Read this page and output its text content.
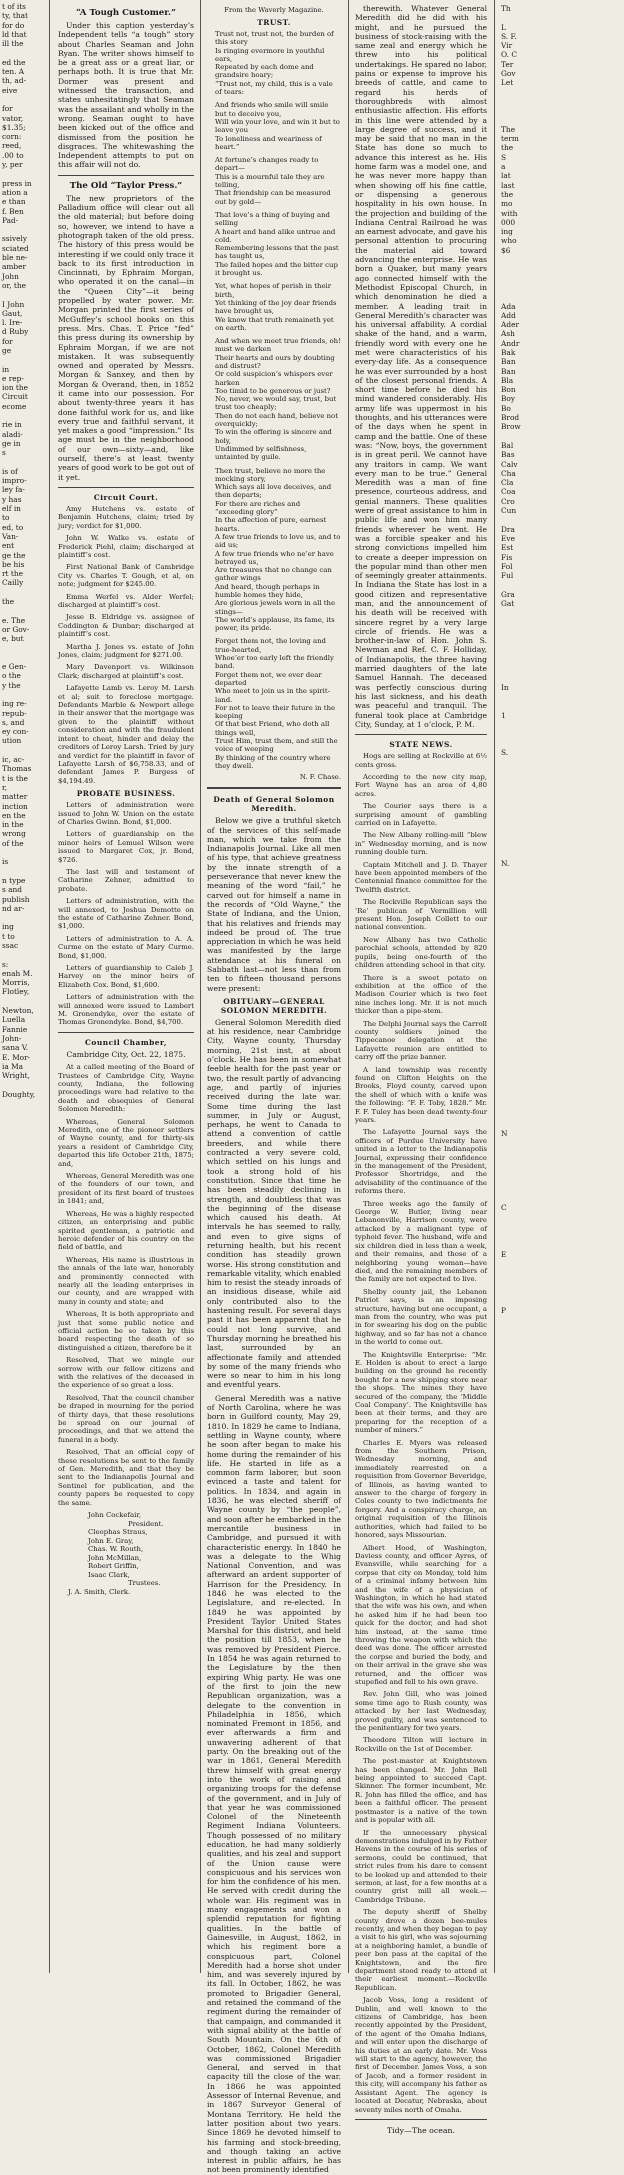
t of its
ty, that
for do
ld that
ill the

ed the
ten. A
th, ad-
eive

for
vator,
$1.35;
corn:
reed,
.00 to
y, per

press in
ation a
e than
f. Ben
Pad-

ssively
sciated
ble ne-
amber
John
or, the

I John
Gaut,
l. Ire-
d Ruby
for
ge

in
e rep-
ion the
Circuit
ecome

rie in
aladi-
ge in
s

is of
impro-
ley fa-
y has
elf in
to
ed, to
Van-
ent
ge the
be his
rt the
Cailly

the

e. The
or Gov-
e, but

e Gen-
o the
y the

ing re-
repub-
s, and
ey con-
ution

ic, ac-
Thomas
t is the
r,
matter
inction
en the
in the
wrong
of the

is

n type
s and
publish
nd ar-

ing
t to
ssac

s:
enah M.
Morris,
Flotley,

Newton,
Luella
Fannie
John-
sana V.
E. Mor-
ia Ma
Wright,

Doughty,
“A Tough Customer.”

Under this caption yesterday’s Independent tells “a tough” story about Charles Seaman and John Ryan. The writer shows himself to be a great ass or a great liar, or perhaps both. It is true that Mr. Dormer was present and witnessed the transaction, and states unhesitatingly that Seaman was the assailant and wholly in the wrong. Seaman ought to have been kicked out of the office and dismissed from the position he disgraces. The whitewashing the Independent attempts to put on this affair will not do.

The Old “Taylor Press.”

The new proprietors of the Palladium office will clear out all the old material; but before doing so, however, we intend to have a photograph taken of the old press. The history of this press would be interesting if we could only trace it back to its first introduction in Cincinnati, by Ephraim Morgan, who operated it on the canal—in the “Queen City”—it being propelled by water power. Mr. Morgan printed the first series of McGuffey’s school books on this press. Mrs. Chas. T. Price “fed” this press during its ownership by Ephraim Morgan, if we are not mistaken. It was subsequently owned and operated by Messrs. Morgan & Sanxey, and then by Morgan & Overand, then, in 1852 it came into our possession. For about twenty-three years it has done faithful work for us, and like every true and faithful servant, it yet makes a good “impression.” Its age must be in the neighborhood of our own—sixty—and, like ourself, there’s at least twenty years of good work to be got out of it yet.

Circuit Court.

Amy Hutchens vs. estate of Benjamin Hutchens, claim; tried by jury; verdict for $1,000.

John W. Walke vs. estate of Frederick Piehl, claim; discharged at plaintiff’s cost.

First National Bank of Cambridge City vs. Charles T. Gough, et al, on note; judgment for $245.00.

Emma Werfel vs. Alder Werfel; discharged at plaintiff’s cost.

Jesse B. Eldridge vs. assignee of Coddington & Dunbar; discharged at plaintiff’s cost.

Martha J. Jones vs. estate of John Jones, claim; judgment for $271.00.

Mary Davenport vs. Wilkinson Clark; discharged at plaintiff’s cost.

Lafayette Lamb vs. Leroy M. Larsh et al; suit to foreclose mortgage. Defendants Marble & Newport allege in their answer that the mortgage was given to the plaintiff without consideration and with the fraudulent intent to cheat, hinder and delay the creditors of Leroy Larsh. Tried by jury and verdict for the plaintiff in favor of Lafayette Larsh of $6,758.33, and of defendant James P. Burgess of $4,194.49.

PROBATE BUSINESS.

Letters of administration were issued to John W. Union on the estate of Charles Gwinn. Bond, $1,000.

Letters of guardianship on the minor heirs of Lemuel Wilson were issued to Margaret Cox, jr. Bond, $726.

The last will and testament of Catharine Zehner, admitted to probate.

Letters of administration, with the will annexed, to Joshua Demotte on the estate of Catharine Zehner. Bond, $1,000.

Letters of administration to A. A. Curme on the estate of Mary Curme. Bond, $1,000.

Letters of guardianship to Caleb J. Harvey on the minor heirs of Elizabeth Cox. Bond, $1,600.

Letters of administration with the will annexed were issued to Lambert M. Gronendyke, over the estate of Thomas Gronendyke. Bond, $4,700.

Council Chamber,

Cambridge City, Oct. 22, 1875.

At a called meeting of the Board of Trustees of Cambridge City, Wayne county, Indiana, the following proceedings were had relative to the death and obsequies of General Solomon Meredith:

Whereas, General Solomon Meredith, one of the pioneer settlers of Wayne county, and for thirty-six years a resident of Cambridge City, departed this life October 21th, 1875; and,

Whereas, General Meredith was one of the founders of our town, and president of its first board of trustees in 1841; and,

Whereas, He was a highly respected citizen, an enterprising and public spirited gentleman, a patriotic and heroic defender of his country on the field of battle, and

Whereas, His name is illustrious in the annals of the late war, honorably and prominently connected with nearly all the leading enterprises in our county, and are wrapped with many in county and state; and

Whereas, It is both appropriate and just that some public notice and official action be so taken by this board respecting the death of so distinguished a citizen, therefore be it

Resolved, That we mingle our sorrow with our fellow citizens and with the relatives of the deceased in the experience of so great a loss.

Resolved, That the council chamber be draped in mourning for the period of thirty days, that these resolutions be spread on our journal of proceedings, and that we attend the funeral in a body.

Resolved, That an official copy of these resolutions be sent to the family of Gen. Meredith, and that they be sent to the Indianapolis Journal and Sentinel for publication, and the county papers be requested to copy the same.

John Cockefair,
President.
Cleophas Straus,
John E. Gray,
Chas. W. Routh,
John McMillan,
Robert Griffin,
Isaac Clark,
Trustees.
J. A. Smith, Clerk.
From the Waverly Magazine.
TRUST.
Trust not, trust not, the burden of this story
Is ringing evermore in youthful ears,
Repeated by each dome and grandsire hoary;
“Trust not, my child, this is a vale of tears:
And friends who smile will smile but to deceive you,
Will win your love, and win it but to leave you
To loneliness and weariness of heart.”
At fortune’s changes ready to depart—
This is a mournful tale they are telling,
That friendship can be measured out by gold—
That love’s a thing of buying and selling
A heart and hand alike untrue and cold.
Remembering lessons that the past has taught us,
The failed hopes and the bitter cup it brought us.
Yet, what hopes of perish in their birth,
Yet thinking of the joy dear friends have brought us,
We know that truth remaineth yet on earth.
And when we meet true friends, oh! must we darken
Their hearts and ours by doubting and distrust?
Or cold suspicion’s whispers ever harken
Too timid to be generous or just?
No, never, we would say, trust, but trust too cheaply;
Then do not each hand, believe not overquickly;
To win the offering is sincere and holy,
Undimmed by selfishness, untainted by guile.
Then trust, believe no more the mocking story,
Which says all love deceives, and then departs;
For there are riches and “exceeding glory”
In the affection of pure, earnest hearts.
A few true friends to love us, and to aid us;
A few true friends who ne’er have betrayed us,
Are treasures that no change can gather wings
And heard, though perhaps in humble homes they hide,
Are glorious jewels worn in all the stings—
The world’s applause, its fame, its power, its pride.
Forget them not, the loving and true-hearted,
Whoe’er too early left the friendly band.
Forget them not, we ever dear departed
Who meet to join us in the spirit-land.
For not to leave their future in the keeping
Of that best Friend, who doth all things well,
Trust Him, trust them, and still the voice of weeping
By thinking of the country where they dwell.
N. F. Chase.
Death of General Solomon Meredith.

Below we give a truthful sketch of the services of this self-made man, which we take from the Indianapolis Journal. Like all men of his type, that achieve greatness by the innate strength of a perseverance that never knew the meaning of the word “fail,” he carved out for himself a name in the records of “Old Wayne,” the State of Indiana, and the Union, that his relatives and friends may indeed be proud of. The true appreciation in which he was held was manifested by the large attendance at his funeral on Sabbath last—not less than from ten to fifteen thousand persons were present:

OBITUARY—GENERAL SOLOMON MEREDITH.

General Solomon Meredith died at his residence, near Cambridge City, Wayne county, Thursday morning, 21st inst, at about o’clock. He has been in somewhat feeble health for the past year or two, the result partly of advancing age, and partly of injuries received during the late war. Some time during the last summer, in July or August, perhaps, he went to Canada to attend a convention of cattle breeders, and while there contracted a very severe cold, which settled on his lungs and took a strong hold of his constitution. Since that time he has been steadily declining in strength, and doubtless that was the beginning of the disease which caused his death. At intervals he has seemed to rally, and even to give signs of returning health, but his recent condition has steadily grown worse. His strong constitution and remarkable vitality, which enabled him to resist the steady inroads of an insidious disease, while aid only contributed also to the hastening result. For several days past it has been apparent that he could not long survive, and Thursday morning he breathed his last, surrounded by an affectionate family and attended by some of the many friends who were so near to him in his long and eventful years.

General Meredith was a native of North Carolina, where he was born in Guilford county, May 29, 1810. In 1829 he came to Indiana, settling in Wayne county, where he soon after began to make his home during the remainder of his life. He started in life as a common farm laborer, but soon evinced a taste and talent for politics. In 1834, and again in 1836, he was elected sheriff of Wayne county by “the people”, and soon after he embarked in the mercantile business in Cambridge, and pursued it with characteristic energy. In 1840 he was a delegate to the Whig National Convention, and was afterward an ardent supporter of Harrison for the Presidency. In 1846 he was elected to the Legislature, and re-elected. In 1849 he was appointed by President Taylor United States Marshal for this district, and held the position till 1853, when he was removed by President Pierce. In 1854 he was again returned to the Legislature by the then expiring Whig party. He was one of the first to join the new Republican organization, was a delegate to the convention in Philadelphia in 1856, which nominated Fremont in 1856, and ever afterwards a firm and unwavering adherent of that party. On the breaking out of the war in 1861, General Meredith threw himself with great energy into the work of raising and organizing troops for the defense of the government, and in July of that year he was commissioned Colonel of the Nineteenth Regiment Indiana Volunteers. Though possessed of no military education, he had many soldierly qualities, and his zeal and support of the Union cause were conspicuous and his services won for him the confidence of his men. He served with credit during the whole war. His regiment was in many engagements and won a splendid reputation for fighting qualities. In the battle of Gainesville, in August, 1862, in which his regiment bore a conspicuous part, Colonel Meredith had a horse shot under him, and was severely injured by its fall. In October, 1862, he was promoted to Brigadier General, and retained the command of the regiment during the remainder of that campaign, and commanded it with signal ability at the battle of South Mountain. On the 6th of October, 1862, Colonel Meredith was commissioned Brigadier General, and served in that capacity till the close of the war. In 1866 he was appointed Assessor of Internal Revenue, and in 1867 Surveyor General of Montana Territory. He held the latter position about two years. Since 1869 he devoted himself to his farming and stock-breeding, and though taking an active interest in public affairs, he has not been prominently identified

therewith. Whatever General Meredith did he did with his might, and he pursued the business of stock-raising with the same zeal and energy which he threw into his political undertakings. He spared no labor, pains or expense to improve his breeds of cattle, and came to regard his herds of thoroughbreds with almost enthusiastic affection. His efforts in this line were attended by a large degree of success, and it may be said that no man in the State has done so much to advance this interest as he. His home farm was a model one, and he was never more happy than when showing off his fine cattle, or dispensing a generous hospitality in his own house. In the projection and building of the Indiana Central Railroad he was an earnest advocate, and gave his personal attention to procuring the material aid toward advancing the enterprise. He was born a Quaker, but many years ago connected himself with the Methodist Episcopal Church, in which denomination he died a member. A leading trait in General Meredith’s character was his universal affability. A cordial shake of the hand, and a warm, friendly word with every one he met were characteristics of his every-day life. As a consequence he was ever surrounded by a host of the closest personal friends. A short time before he died his mind wandered considerably. His army life was uppermost in his thoughts, and his utterances were of the days when he spent in camp and the battle. One of these was: “Now, boys, the government is in great peril. We cannot have any traitors in camp. We want every man to be true.” General Meredith was a man of fine presence, courteous address, and genial manners. These qualities were of great assistance to him in public life and won him many friends wherever he went. He was a forcible speaker and his strong convictions impelled him to create a deeper impression on the popular mind than other men of seemingly greater attainments. In Indiana the State has lost in a good citizen and representative man, and the announcement of his death will be received with sincere regret by a very large circle of friends. He was a brother-in-law of Hon. John S. Newman and Ref. C. F. Holliday, of Indianapolis, the three having married daughters of the late Samuel Hannah. The deceased was perfectly conscious during his last sickness, and his death was peaceful and tranquil. The funeral took place at Cambridge City, Sunday, at 1 o’clock, P. M.

STATE NEWS.

Hogs are selling at Rockville at 6½ cents gross.

According to the new city map, Fort Wayne has an area of 4,80 acres.

The Courier says there is a surprising amount of gambling carried on in Lafayette.

The New Albany rolling-mill “blew in” Wednesday morning, and is now running double turn.

Captain Mitchell and J. D. Thayer have been appointed members of the Centennial finance committee for the Twelfth district.

The Rockville Republican says the ‘Re’ publican of Vermillion will present Hon. Joseph Collett to our national convention.

New Albany has two Catholic parochial schools, attended by 820 pupils, being one-fourth of the children attending school in that city.

There is a sweet potato on exhibition at the office of the Madison Courier which is two feet nine inches long. Mr. it is not much thicker than a pipe-stem.

The Delphi Journal says the Carroll county soldiers joined the Tippecanoe delegation at the Lafayette reunion are entitled to carry off the prize banner.

A land township was recently found on Clifton Heights on the Brooks, Floyd county, carved upon the shell of which with a knife was the following: “F. F. Toby, 1828.” Mr. F. F. Tuley has been dead twenty-four years.

The Lafayette Journal says the officers of Purdue University have united in a letter to the Indianapolis Journal, expressing their confidence in the management of the President, Professor Shortridge, and the advisability of the continuance of the reforms there.

Three weeks ago the family of George W. Butler, living near Lebanonville, Harrison county, were attacked by a malignant type of typhoid fever. The husband, wife and six children died in less than a week, and their remains, and those of a neighboring young woman—have died, and the remaining members of the family are not expected to live.

Shelby county jail, the Lebanon Patriot says, is an imposing structure, having but one occupant, a man from the country, who was put in for swearing his dog on the public highway, and so far has not a chance in the world to come out.

The Knightsville Enterprise: “Mr. E. Holden is about to erect a large building on the ground he recently bought for a new shipping store near the shops. The mines they have secured of the company, the ‘Middle Coal Company’. The Knightsville has been at their terms, and they are preparing for the reception of a number of miners.”

Charles E. Myers was released from the Southern Prison, Wednesday morning, and immediately rearrested on a requisition from Governor Beveridge, of Illinois, as having wanted to answer to the charge of forgery in Coles county to two indictments for forgery. And a conspiracy charge, an original requisition of the Illinois authorities, which had failed to be honored, says Missourian.

Albert Hood, of Washington, Daviess county, and officer Ayres, of Evansville, while searching for a corpse that city on Monday, told him of a criminal infamy between him and the wife of a physician of Washington, in which he had stated that the wife was his own, and when he asked him if he had been too quick for the doctor, and had shot him instead, at the same time throwing the weapon with which the deed was done. The officer arrested the corpse and buried the body, and on their arrival in the grave she was returned, and the officer was stupefied and fell to his own grave.

Rev. John Gill, who was joined some time ago to Rush county, was attacked by her last Wednesday, proved guilty, and was sentenced to the penitentiary for two years.

Theodore Tilton will lecture in Rockville on the 1st of December.

The post-master at Knightstown has been changed. Mr. John Bell being appointed to succeed Capt. Skinner. The former incumbent, Mr. R. John has filled the office, and has been a faithful officer. The present postmaster is a native of the town and is popular with all.

If the unnecessary physical demonstrations indulged in by Father Havens in the course of his series of sermons, could be continued, that strict rules from his dare to consent to be looked up and attended to their sermon, at last, for a few months at a country grist mill all week.—Cambridge Tribune.

The deputy sheriff of Shelby county drove a dozen bee-mules recently, and when they began to pay a visit to his girl, who was sojourning at a neighboring hamlet, a bundle of peer bon pass at the capital of the Knightstown, and the fire department stood ready to attend at their earliest moment.—Rockville Republican.

Jacob Voss, long a resident of Dublin, and well known to the citizens of Cambridge, has been recently appointed by the President, of the agent of the Omaha Indians, and will enter upon the discharge of his duties at an early date. Mr. Voss will start to the agency, however, the first of December. James Voss, a son of Jacob, and a former resident in this city, will accompany his father as Assistant Agent. The agency is located at Decatur, Nebraska, about seventy miles north of Omaha.

Tidy—The ocean.
Th

L
S. F.
Vir
O. C
Ter
Gov
Let

The
term
the
S
a
lat
last
the
mo
with
000
ing
who
$6

Ada
Add
Ader
Ash
Andr
Bak
Ban
Ban
Bla
Bon
Boy
Bo
Brod
Brow

Bal
Bas
Calv
Cha
Cla
Coa
Cro
Cun

Dra
Eve
Est
Fis
Fol
Ful

Gra
Gat

In

1

S.

N.

N

C

E

P
